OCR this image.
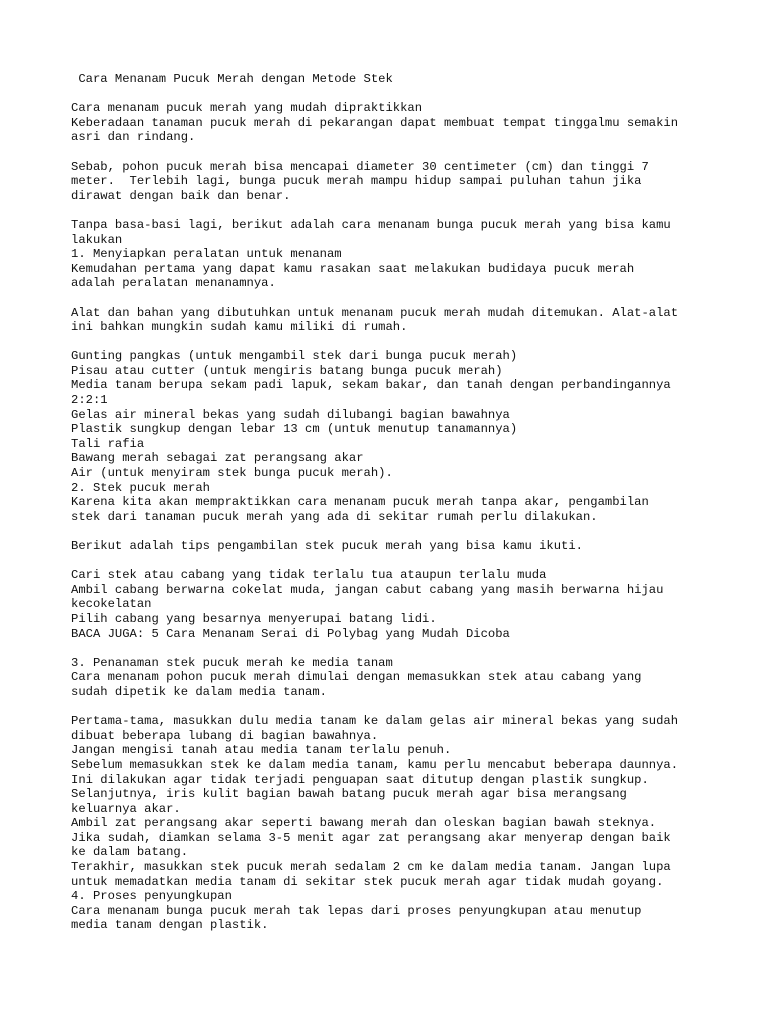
Cara Menanam Pucuk Merah dengan Metode Stek
Cara menanam pucuk merah yang mudah dipraktikkan
Keberadaan tanaman pucuk merah di pekarangan dapat membuat tempat tinggalmu semakin
asri dan rindang.
Sebab, pohon pucuk merah bisa mencapai diameter 30 centimeter (cm) dan tinggi 7
meter.  Terlebih lagi, bunga pucuk merah mampu hidup sampai puluhan tahun jika
dirawat dengan baik dan benar.
Tanpa basa-basi lagi, berikut adalah cara menanam bunga pucuk merah yang bisa kamu
lakukan
1. Menyiapkan peralatan untuk menanam
Kemudahan pertama yang dapat kamu rasakan saat melakukan budidaya pucuk merah
adalah peralatan menanamnya.
Alat dan bahan yang dibutuhkan untuk menanam pucuk merah mudah ditemukan. Alat-alat
ini bahkan mungkin sudah kamu miliki di rumah.
Gunting pangkas (untuk mengambil stek dari bunga pucuk merah)
Pisau atau cutter (untuk mengiris batang bunga pucuk merah)
Media tanam berupa sekam padi lapuk, sekam bakar, dan tanah dengan perbandingannya
2:2:1
Gelas air mineral bekas yang sudah dilubangi bagian bawahnya
Plastik sungkup dengan lebar 13 cm (untuk menutup tanamannya)
Tali rafia
Bawang merah sebagai zat perangsang akar
Air (untuk menyiram stek bunga pucuk merah).
2. Stek pucuk merah
Karena kita akan mempraktikkan cara menanam pucuk merah tanpa akar, pengambilan
stek dari tanaman pucuk merah yang ada di sekitar rumah perlu dilakukan.
Berikut adalah tips pengambilan stek pucuk merah yang bisa kamu ikuti.
Cari stek atau cabang yang tidak terlalu tua ataupun terlalu muda
Ambil cabang berwarna cokelat muda, jangan cabut cabang yang masih berwarna hijau
kecokelatan
Pilih cabang yang besarnya menyerupai batang lidi.
BACA JUGA: 5 Cara Menanam Serai di Polybag yang Mudah Dicoba
3. Penanaman stek pucuk merah ke media tanam
Cara menanam pohon pucuk merah dimulai dengan memasukkan stek atau cabang yang
sudah dipetik ke dalam media tanam.
Pertama-tama, masukkan dulu media tanam ke dalam gelas air mineral bekas yang sudah
dibuat beberapa lubang di bagian bawahnya.
Jangan mengisi tanah atau media tanam terlalu penuh.
Sebelum memasukkan stek ke dalam media tanam, kamu perlu mencabut beberapa daunnya.
Ini dilakukan agar tidak terjadi penguapan saat ditutup dengan plastik sungkup.
Selanjutnya, iris kulit bagian bawah batang pucuk merah agar bisa merangsang
keluarnya akar.
Ambil zat perangsang akar seperti bawang merah dan oleskan bagian bawah steknya.
Jika sudah, diamkan selama 3-5 menit agar zat perangsang akar menyerap dengan baik
ke dalam batang.
Terakhir, masukkan stek pucuk merah sedalam 2 cm ke dalam media tanam. Jangan lupa
untuk memadatkan media tanam di sekitar stek pucuk merah agar tidak mudah goyang.
4. Proses penyungkupan
Cara menanam bunga pucuk merah tak lepas dari proses penyungkupan atau menutup
media tanam dengan plastik.
